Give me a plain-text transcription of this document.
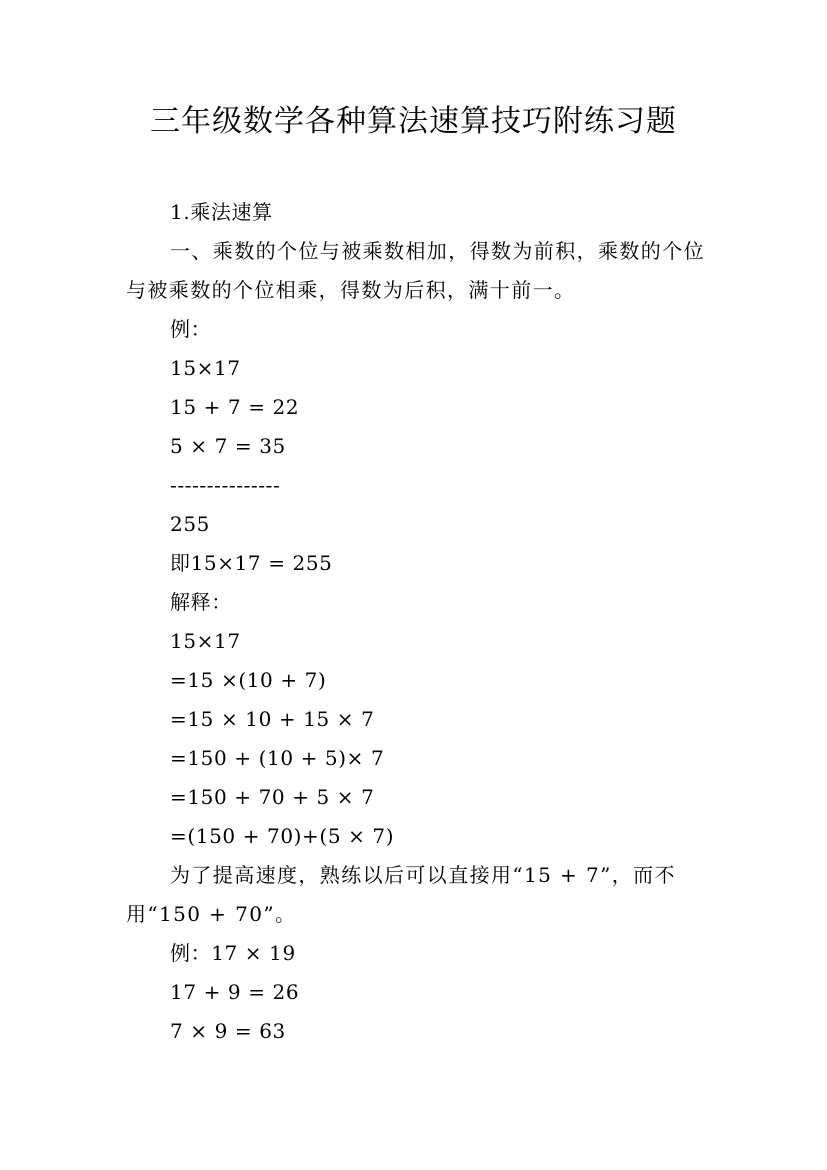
三年级数学各种算法速算技巧附练习题
1.乘法速算
一、乘数的个位与被乘数相加，得数为前积，乘数的个位与被乘数的个位相乘，得数为后积，满十前一。
例：
15×17
15 + 7 = 22
5 × 7 = 35
---------------
255
即15×17 = 255
解释：
15×17
=15 ×(10 + 7)
=15 × 10 + 15 × 7
=150 + (10 + 5)× 7
=150 + 70 + 5 × 7
=(150 + 70)+(5 × 7)
为了提高速度，熟练以后可以直接用“15 + 7”，而不用“150 + 70”。
例：17 × 19
17 + 9 = 26
7 × 9 = 63
